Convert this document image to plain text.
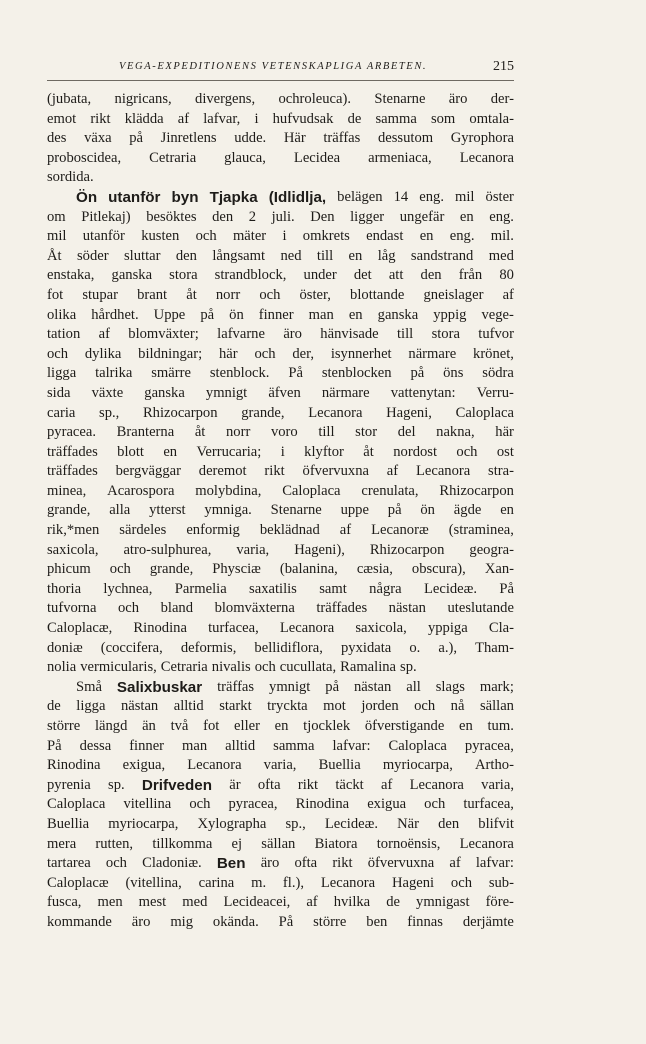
VEGA-EXPEDITIONENS VETENSKAPLIGA ARBETEN.	215
(jubata, nigricans, divergens, ochroleuca). Stenarne äro der-
emot rikt klädda af lafvar, i hufvudsak de samma som omtala-
des växa på Jinretlens udde. Här träffas dessutom Gyrophora
proboscidea, Cetraria glauca, Lecidea armeniaca, Lecanora
sordida.
Ön utanför byn Tjapka (Idlidlja, belägen 14 eng. mil öster
om Pitlekaj) besöktes den 2 juli. Den ligger ungefär en eng.
mil utanför kusten och mäter i omkrets endast en eng. mil.
Åt söder sluttar den långsamt ned till en låg sandstrand med
enstaka, ganska stora strandblock, under det att den från 80
fot stupar brant åt norr och öster, blottande gneislager af
olika hårdhet. Uppe på ön finner man en ganska yppig vege-
tation af blomväxter; lafvarne äro hänvisade till stora tufvor
och dylika bildningar; här och der, isynnerhet närmare krönet,
ligga talrika smärre stenblock. På stenblocken på öns södra
sida växte ganska ymnigt äfven närmare vattenytan: Verru-
caria sp., Rhizocarpon grande, Lecanora Hageni, Caloplaca
pyracea. Branterna åt norr voro till stor del nakna, här
träffades blott en Verrucaria; i klyftor åt nordost och ost
träffades bergväggar deremot rikt öfvervuxna af Lecanora stra-
minea, Acarospora molybdina, Caloplaca crenulata, Rhizocarpon
grande, alla ytterst ymniga. Stenarne uppe på ön ägde en
rik,*men särdeles enformig beklädnad af Lecanoræ (straminea,
saxicola, atro-sulphurea, varia, Hageni), Rhizocarpon geogra-
phicum och grande, Physciæ (balanina, cæsia, obscura), Xan-
thoria lychnea, Parmelia saxatilis samt några Lecideæ. På
tufvorna och bland blomväxterna träffades nästan uteslutande
Caloplacæ, Rinodina turfacea, Lecanora saxicola, yppiga Cla-
doniæ (coccifera, deformis, bellidiflora, pyxidata ο. a.), Tham-
nolia vermicularis, Cetraria nivalis och cucullata, Ramalina sp.
Små Salixbuskar träffas ymnigt på nästan all slags mark;
de ligga nästan alltid starkt tryckta mot jorden och nå sällan
större längd än två fot eller en tjocklek öfverstigande en tum.
På dessa finner man alltid samma lafvar: Caloplaca pyracea,
Rinodina exigua, Lecanora varia, Buellia myriocarpa, Artho-
pyrenia sp. Drifveden är ofta rikt täckt af Lecanora varia,
Caloplaca vitellina och pyracea, Rinodina exigua och turfacea,
Buellia myriocarpa, Xylographa sp., Lecideæ. När den blifvit
mera rutten, tillkomma ej sällan Biatora tornoënsis, Lecanora
tartarea och Cladoniæ. Ben äro ofta rikt öfvervuxna af lafvar:
Caloplacæ (vitellina, carina m. fl.), Lecanora Hageni och sub-
fusca, men mest med Lecideacei, af hvilka de ymnigast före-
kommande äro mig okända. På större ben finnas derjämte
